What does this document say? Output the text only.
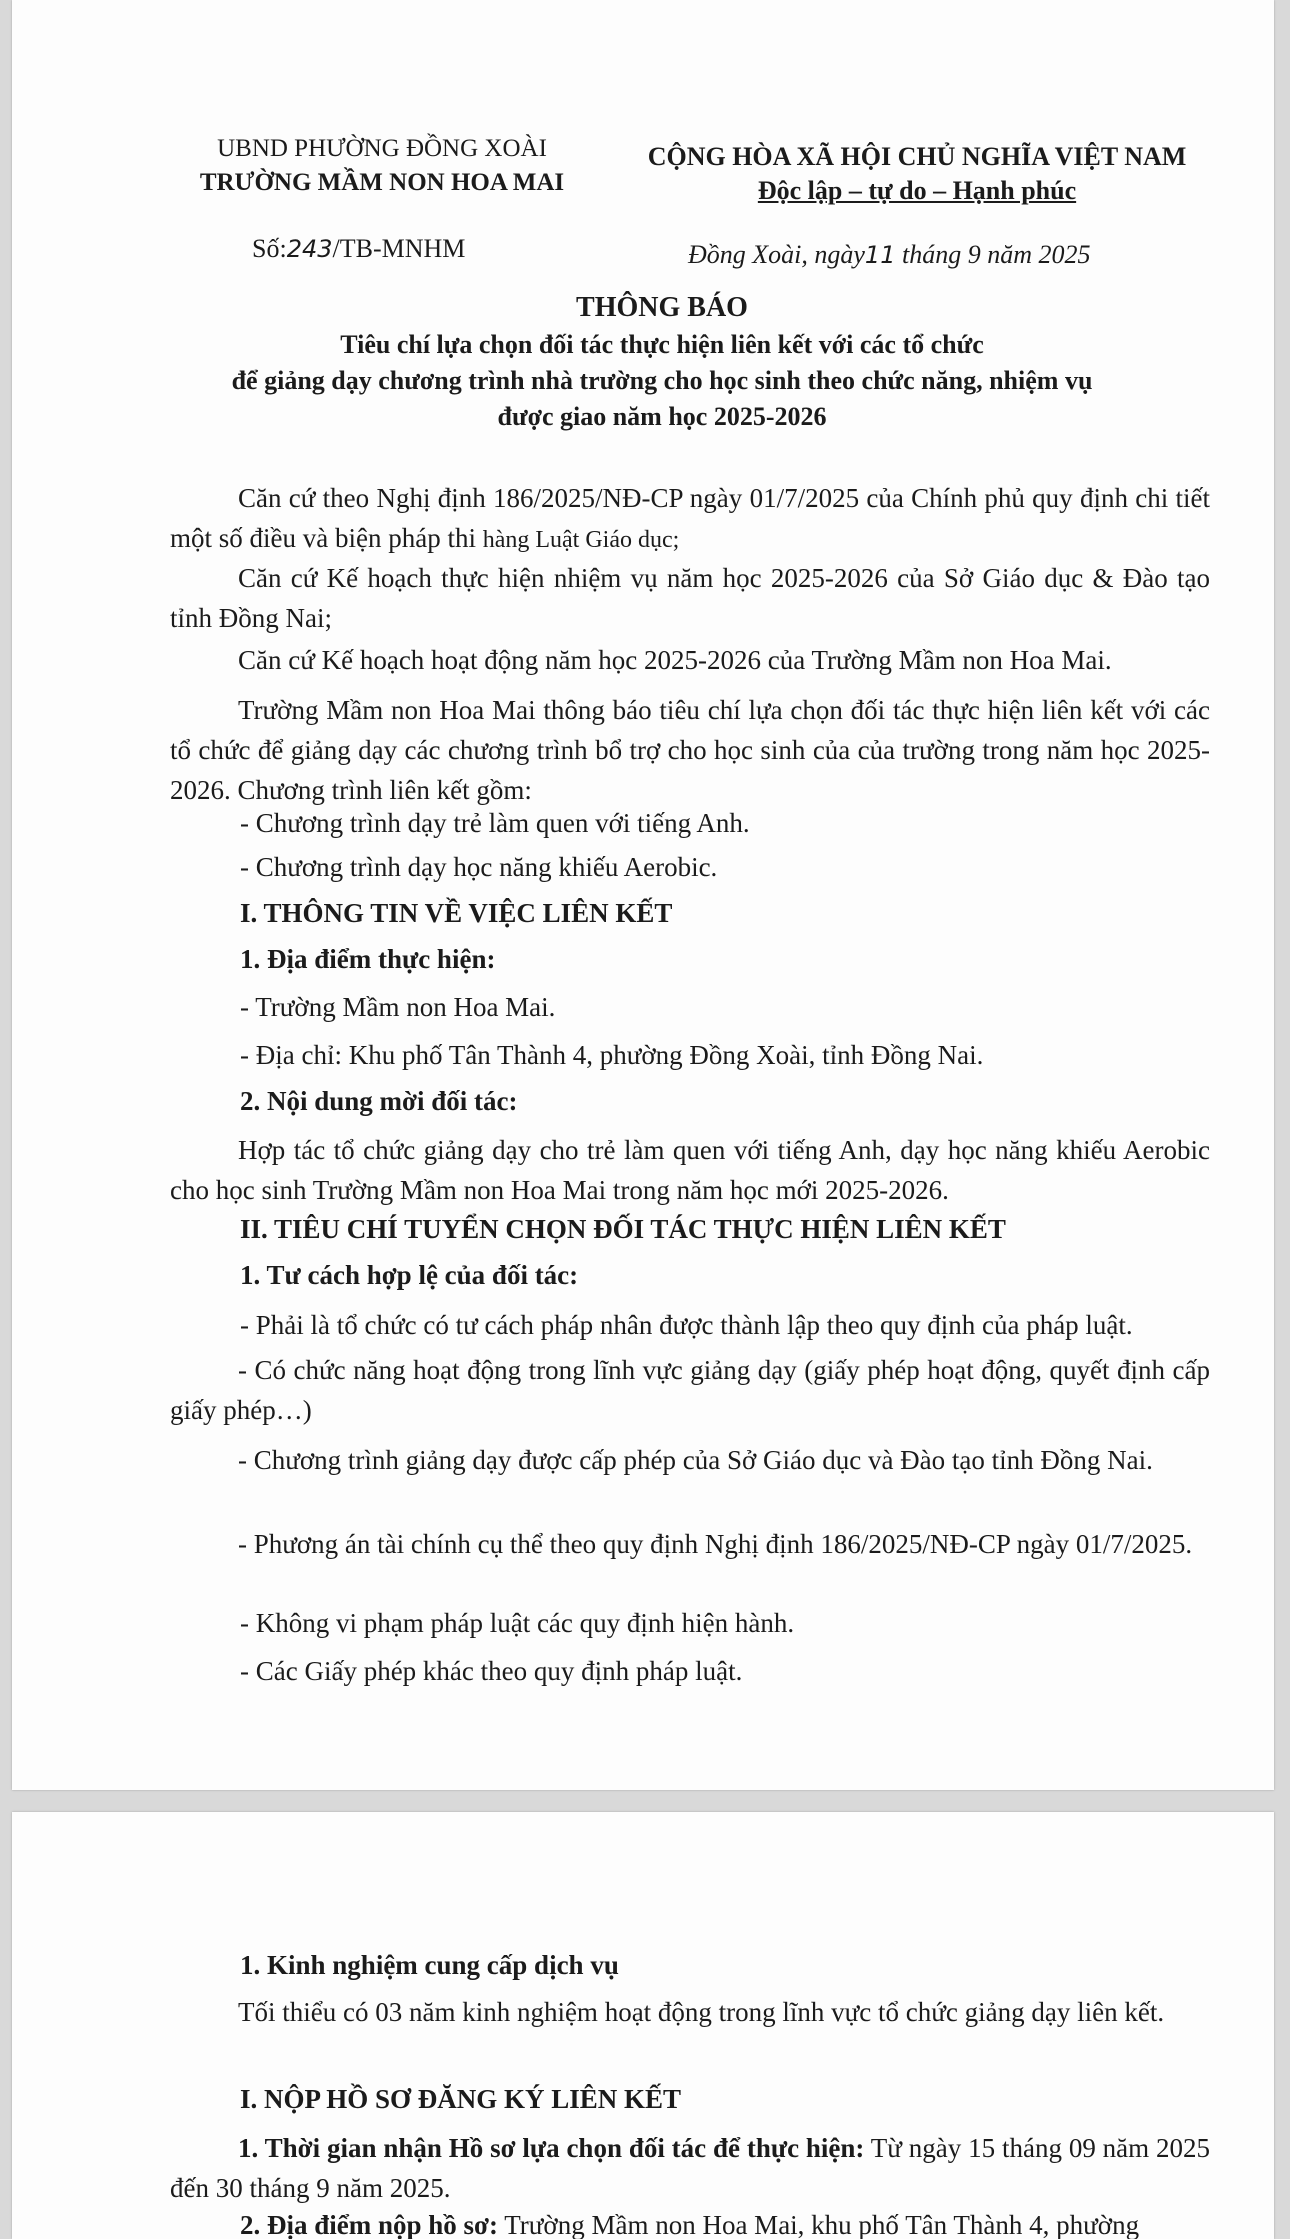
UBND PHƯỜNG ĐỒNG XOÀI
TRƯỜNG MẦM NON HOA MAI
CỘNG HÒA XÃ HỘI CHỦ NGHĨA VIỆT NAM
Độc lập – tự do – Hạnh phúc
Số:243/TB-MNHM	Đồng Xoài, ngày11 tháng 9 năm 2025
THÔNG BÁO
Tiêu chí lựa chọn đối tác thực hiện liên kết với các tổ chức
để giảng dạy chương trình nhà trường cho học sinh theo chức năng, nhiệm vụ
được giao năm học 2025-2026
Căn cứ theo Nghị định 186/2025/NĐ-CP ngày 01/7/2025 của Chính phủ quy định chi tiết một số điều và biện pháp thi hàng Luật Giáo dục;
Căn cứ Kế hoạch thực hiện nhiệm vụ năm học 2025-2026 của Sở Giáo dục & Đào tạo tỉnh Đồng Nai;
Căn cứ Kế hoạch hoạt động năm học 2025-2026 của Trường Mầm non Hoa Mai.
Trường Mầm non Hoa Mai thông báo tiêu chí lựa chọn đối tác thực hiện liên kết với các tổ chức để giảng dạy các chương trình bổ trợ cho học sinh của của trường trong năm học 2025-2026. Chương trình liên kết gồm:
- Chương trình dạy trẻ làm quen với tiếng Anh.
- Chương trình dạy học năng khiếu Aerobic.
I. THÔNG TIN VỀ VIỆC LIÊN KẾT
1. Địa điểm thực hiện:
- Trường Mầm non Hoa Mai.
- Địa chỉ: Khu phố Tân Thành 4, phường Đồng Xoài, tỉnh Đồng Nai.
2. Nội dung mời đối tác:
Hợp tác tổ chức giảng dạy cho trẻ làm quen với tiếng Anh, dạy học năng khiếu Aerobic cho học sinh Trường Mầm non Hoa Mai trong năm học mới 2025-2026.
II. TIÊU CHÍ TUYỂN CHỌN ĐỐI TÁC THỰC HIỆN LIÊN KẾT
1. Tư cách hợp lệ của đối tác:
- Phải là tổ chức có tư cách pháp nhân được thành lập theo quy định của pháp luật.
- Có chức năng hoạt động trong lĩnh vực giảng dạy (giấy phép hoạt động, quyết định cấp giấy phép…)
- Chương trình giảng dạy được cấp phép của Sở Giáo dục và Đào tạo tỉnh Đồng Nai.
- Phương án tài chính cụ thể theo quy định Nghị định 186/2025/NĐ-CP ngày 01/7/2025.
- Không vi phạm pháp luật các quy định hiện hành.
- Các Giấy phép khác theo quy định pháp luật.
1. Kinh nghiệm cung cấp dịch vụ
Tối thiểu có 03 năm kinh nghiệm hoạt động trong lĩnh vực tổ chức giảng dạy liên kết.
I. NỘP HỒ SƠ ĐĂNG KÝ LIÊN KẾT
1. Thời gian nhận Hồ sơ lựa chọn đối tác để thực hiện: Từ ngày 15 tháng 09 năm 2025 đến 30 tháng 9 năm 2025.
2. Địa điểm nộp hồ sơ: Trường Mầm non Hoa Mai, khu phố Tân Thành 4, phường
